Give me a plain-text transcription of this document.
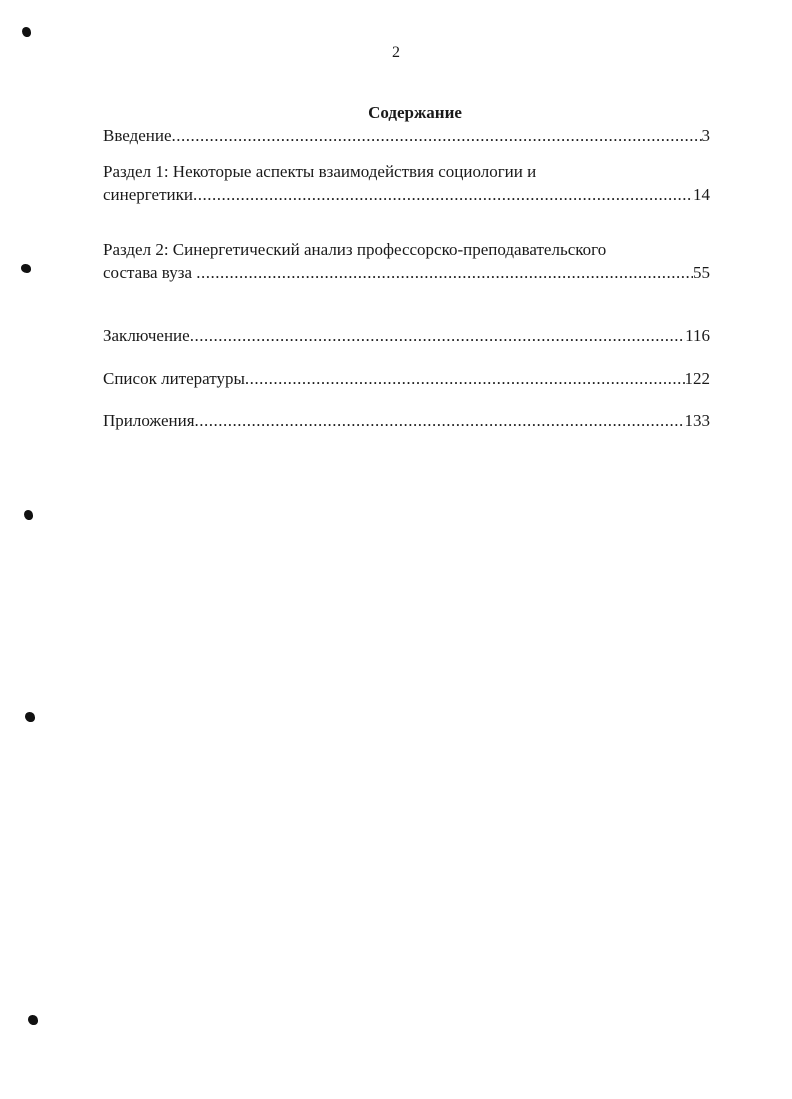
2
Содержание
Введение .....	3
Раздел 1: Некоторые аспекты взаимодействия социологии и
синергетики .....	14
Раздел 2: Синергетический анализ профессорско-преподавательского
состава вуза .....	55
Заключение .....	116
Список литературы .....	122
Приложения .....	133
